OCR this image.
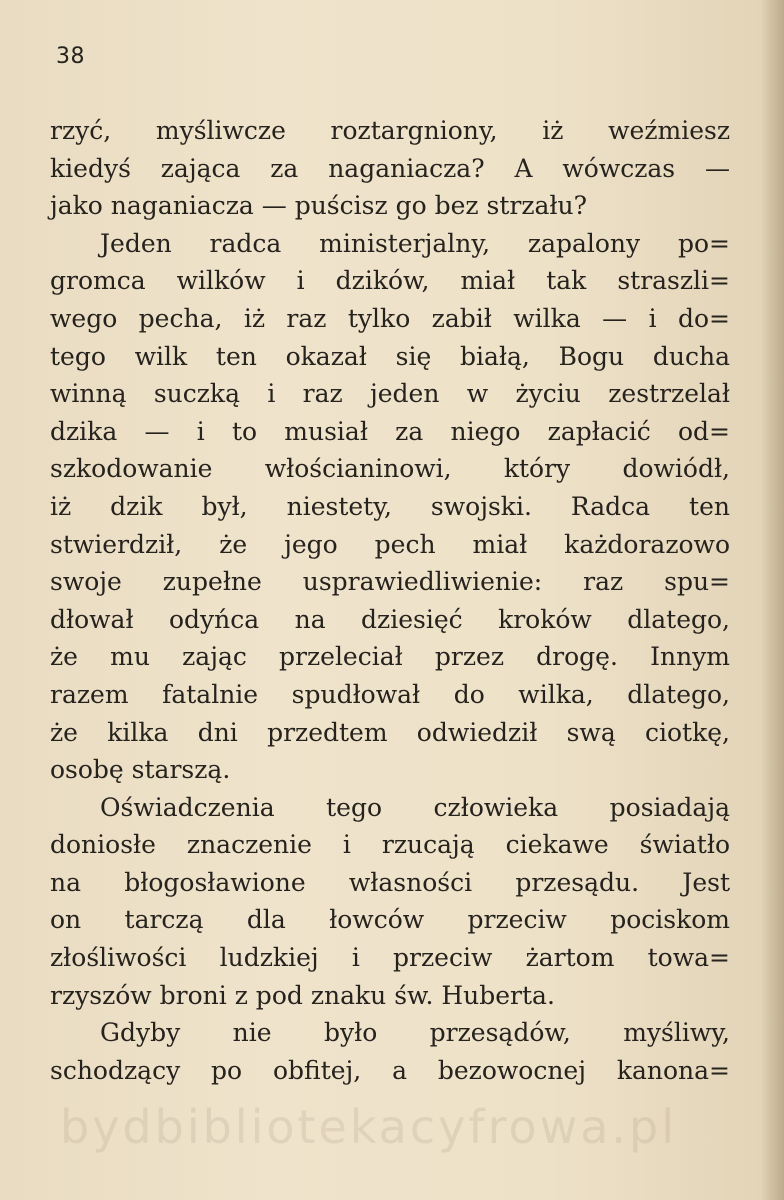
38
rzyć, myśliwcze roztargniony, iż weźmiesz
kiedyś zająca za naganiacza? A wówczas —
jako naganiacza — puścisz go bez strzału?
Jeden radca ministerjalny, zapalony po=
gromca wilków i dzików, miał tak straszli=
wego pecha, iż raz tylko zabił wilka — i do=
tego wilk ten okazał się białą, Bogu ducha
winną suczką i raz jeden w życiu zestrzelał
dzika — i to musiał za niego zapłacić od=
szkodowanie włościaninowi, który dowiódł,
iż dzik był, niestety, swojski. Radca ten
stwierdził, że jego pech miał każdorazowo
swoje zupełne usprawiedliwienie: raz spu=
dłował odyńca na dziesięć kroków dlatego,
że mu zając przeleciał przez drogę. Innym
razem fatalnie spudłował do wilka, dlatego,
że kilka dni przedtem odwiedził swą ciotkę,
osobę starszą.
Oświadczenia tego człowieka posiadają
doniosłe znaczenie i rzucają ciekawe światło
na błogosławione własności przesądu. Jest
on tarczą dla łowców przeciw pociskom
złośliwości ludzkiej i przeciw żartom towa=
rzyszów broni z pod znaku św. Huberta.
Gdyby nie było przesądów, myśliwy,
schodzący po obfitej, a bezowocnej kanona=
bydbibliotekacyfrowa.pl
